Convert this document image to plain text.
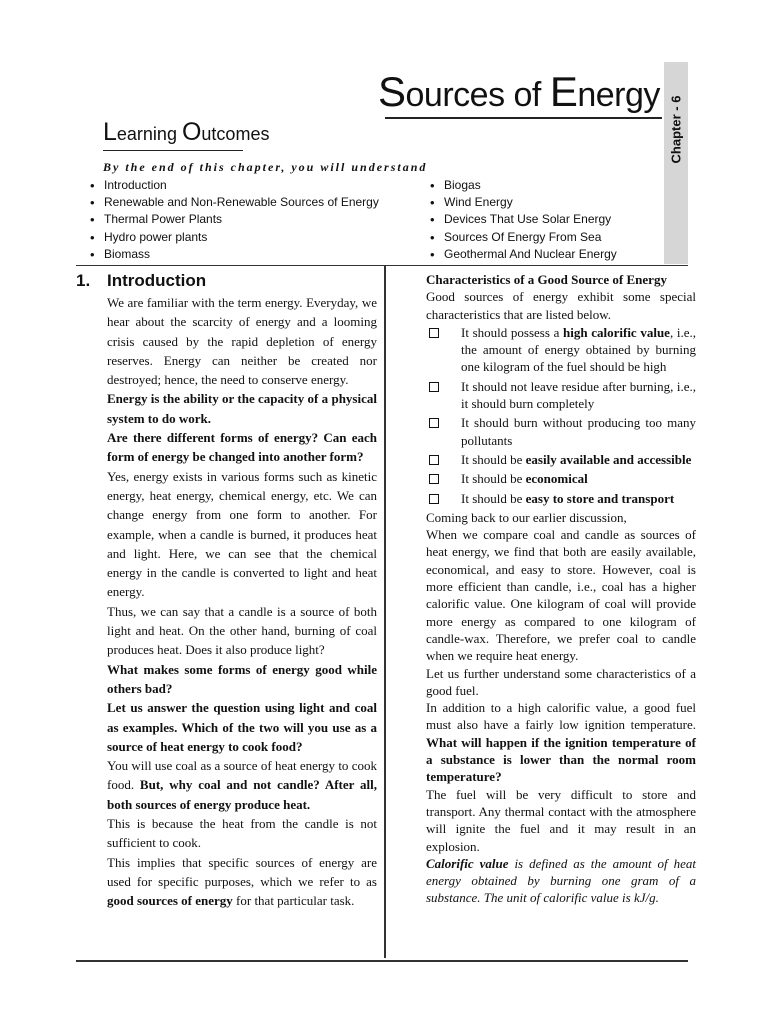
Sources of Energy
Chapter - 6
Learning Outcomes
By the end of this chapter, you will understand
• Introduction
• Renewable and Non-Renewable Sources of Energy
• Thermal Power Plants
• Hydro power plants
• Biomass
• Biogas
• Wind Energy
• Devices That Use Solar Energy
• Sources Of Energy From Sea
• Geothermal And Nuclear Energy
1. Introduction

We are familiar with the term energy. Everyday, we hear about the scarcity of energy and a looming crisis caused by the rapid depletion of energy reserves. Energy can neither be created nor destroyed; hence, the need to conserve energy.

Energy is the ability or the capacity of a physical system to do work.

Are there different forms of energy? Can each form of energy be changed into another form?

Yes, energy exists in various forms such as kinetic energy, heat energy, chemical energy, etc. We can change energy from one form to another. For example, when a candle is burned, it produces heat and light. Here, we can see that the chemical energy in the candle is converted to light and heat energy.

Thus, we can say that a candle is a source of both light and heat. On the other hand, burning of coal produces heat. Does it also produce light?

What makes some forms of energy good while others bad?

Let us answer the question using light and coal as examples. Which of the two will you use as a source of heat energy to cook food?

You will use coal as a source of heat energy to cook food. But, why coal and not candle? After all, both sources of energy produce heat.

This is because the heat from the candle is not sufficient to cook.

This implies that specific sources of energy are used for specific purposes, which we refer to as good sources of energy for that particular task.

Characteristics of a Good Source of Energy

Good sources of energy exhibit some special characteristics that are listed below.

It should possess a high calorific value, i.e., the amount of energy obtained by burning one kilogram of the fuel should be high
It should not leave residue after burning, i.e., it should burn completely
It should burn without producing too many pollutants
It should be easily available and accessible
It should be economical
It should be easy to store and transport

Coming back to our earlier discussion,

When we compare coal and candle as sources of heat energy, we find that both are easily available, economical, and easy to store. However, coal is more efficient than candle, i.e., coal has a higher calorific value. One kilogram of coal will provide more energy as compared to one kilogram of candle-wax. Therefore, we prefer coal to candle when we require heat energy.

Let us further understand some characteristics of a good fuel.

In addition to a high calorific value, a good fuel must also have a fairly low ignition temperature. What will happen if the ignition temperature of a substance is lower than the normal room temperature?

The fuel will be very difficult to store and transport. Any thermal contact with the atmosphere will ignite the fuel and it may result in an explosion.

Calorific value is defined as the amount of heat energy obtained by burning one gram of a substance. The unit of calorific value is kJ/g.
